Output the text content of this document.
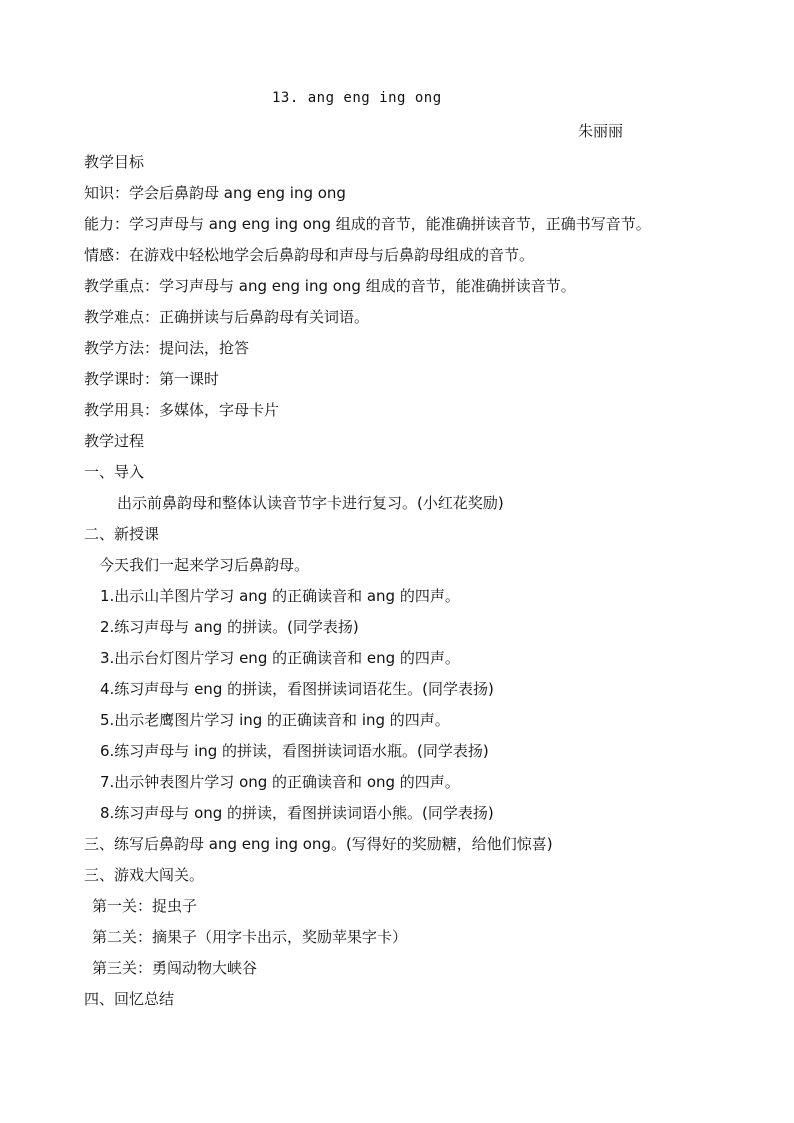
13. ang eng ing ong
朱丽丽
教学目标
知识：学会后鼻韵母 ang eng ing ong
能力：学习声母与 ang eng ing ong 组成的音节，能准确拼读音节，正确书写音节。
情感：在游戏中轻松地学会后鼻韵母和声母与后鼻韵母组成的音节。
教学重点：学习声母与 ang eng ing ong 组成的音节，能准确拼读音节。
教学难点：正确拼读与后鼻韵母有关词语。
教学方法：提问法，抢答
教学课时：第一课时
教学用具：多媒体，字母卡片
教学过程
一、导入
出示前鼻韵母和整体认读音节字卡进行复习。(小红花奖励)
二、新授课
今天我们一起来学习后鼻韵母。
1.出示山羊图片学习 ang 的正确读音和 ang 的四声。
2.练习声母与 ang 的拼读。(同学表扬)
3.出示台灯图片学习 eng 的正确读音和 eng 的四声。
4.练习声母与 eng 的拼读，看图拼读词语花生。(同学表扬)
5.出示老鹰图片学习 ing 的正确读音和 ing 的四声。
6.练习声母与 ing 的拼读，看图拼读词语水瓶。(同学表扬)
7.出示钟表图片学习 ong 的正确读音和 ong 的四声。
8.练习声母与 ong 的拼读，看图拼读词语小熊。(同学表扬)
三、练写后鼻韵母 ang eng ing ong。(写得好的奖励糖，给他们惊喜)
三、游戏大闯关。
第一关：捉虫子
第二关：摘果子（用字卡出示，奖励苹果字卡）
第三关：勇闯动物大峡谷
四、回忆总结
